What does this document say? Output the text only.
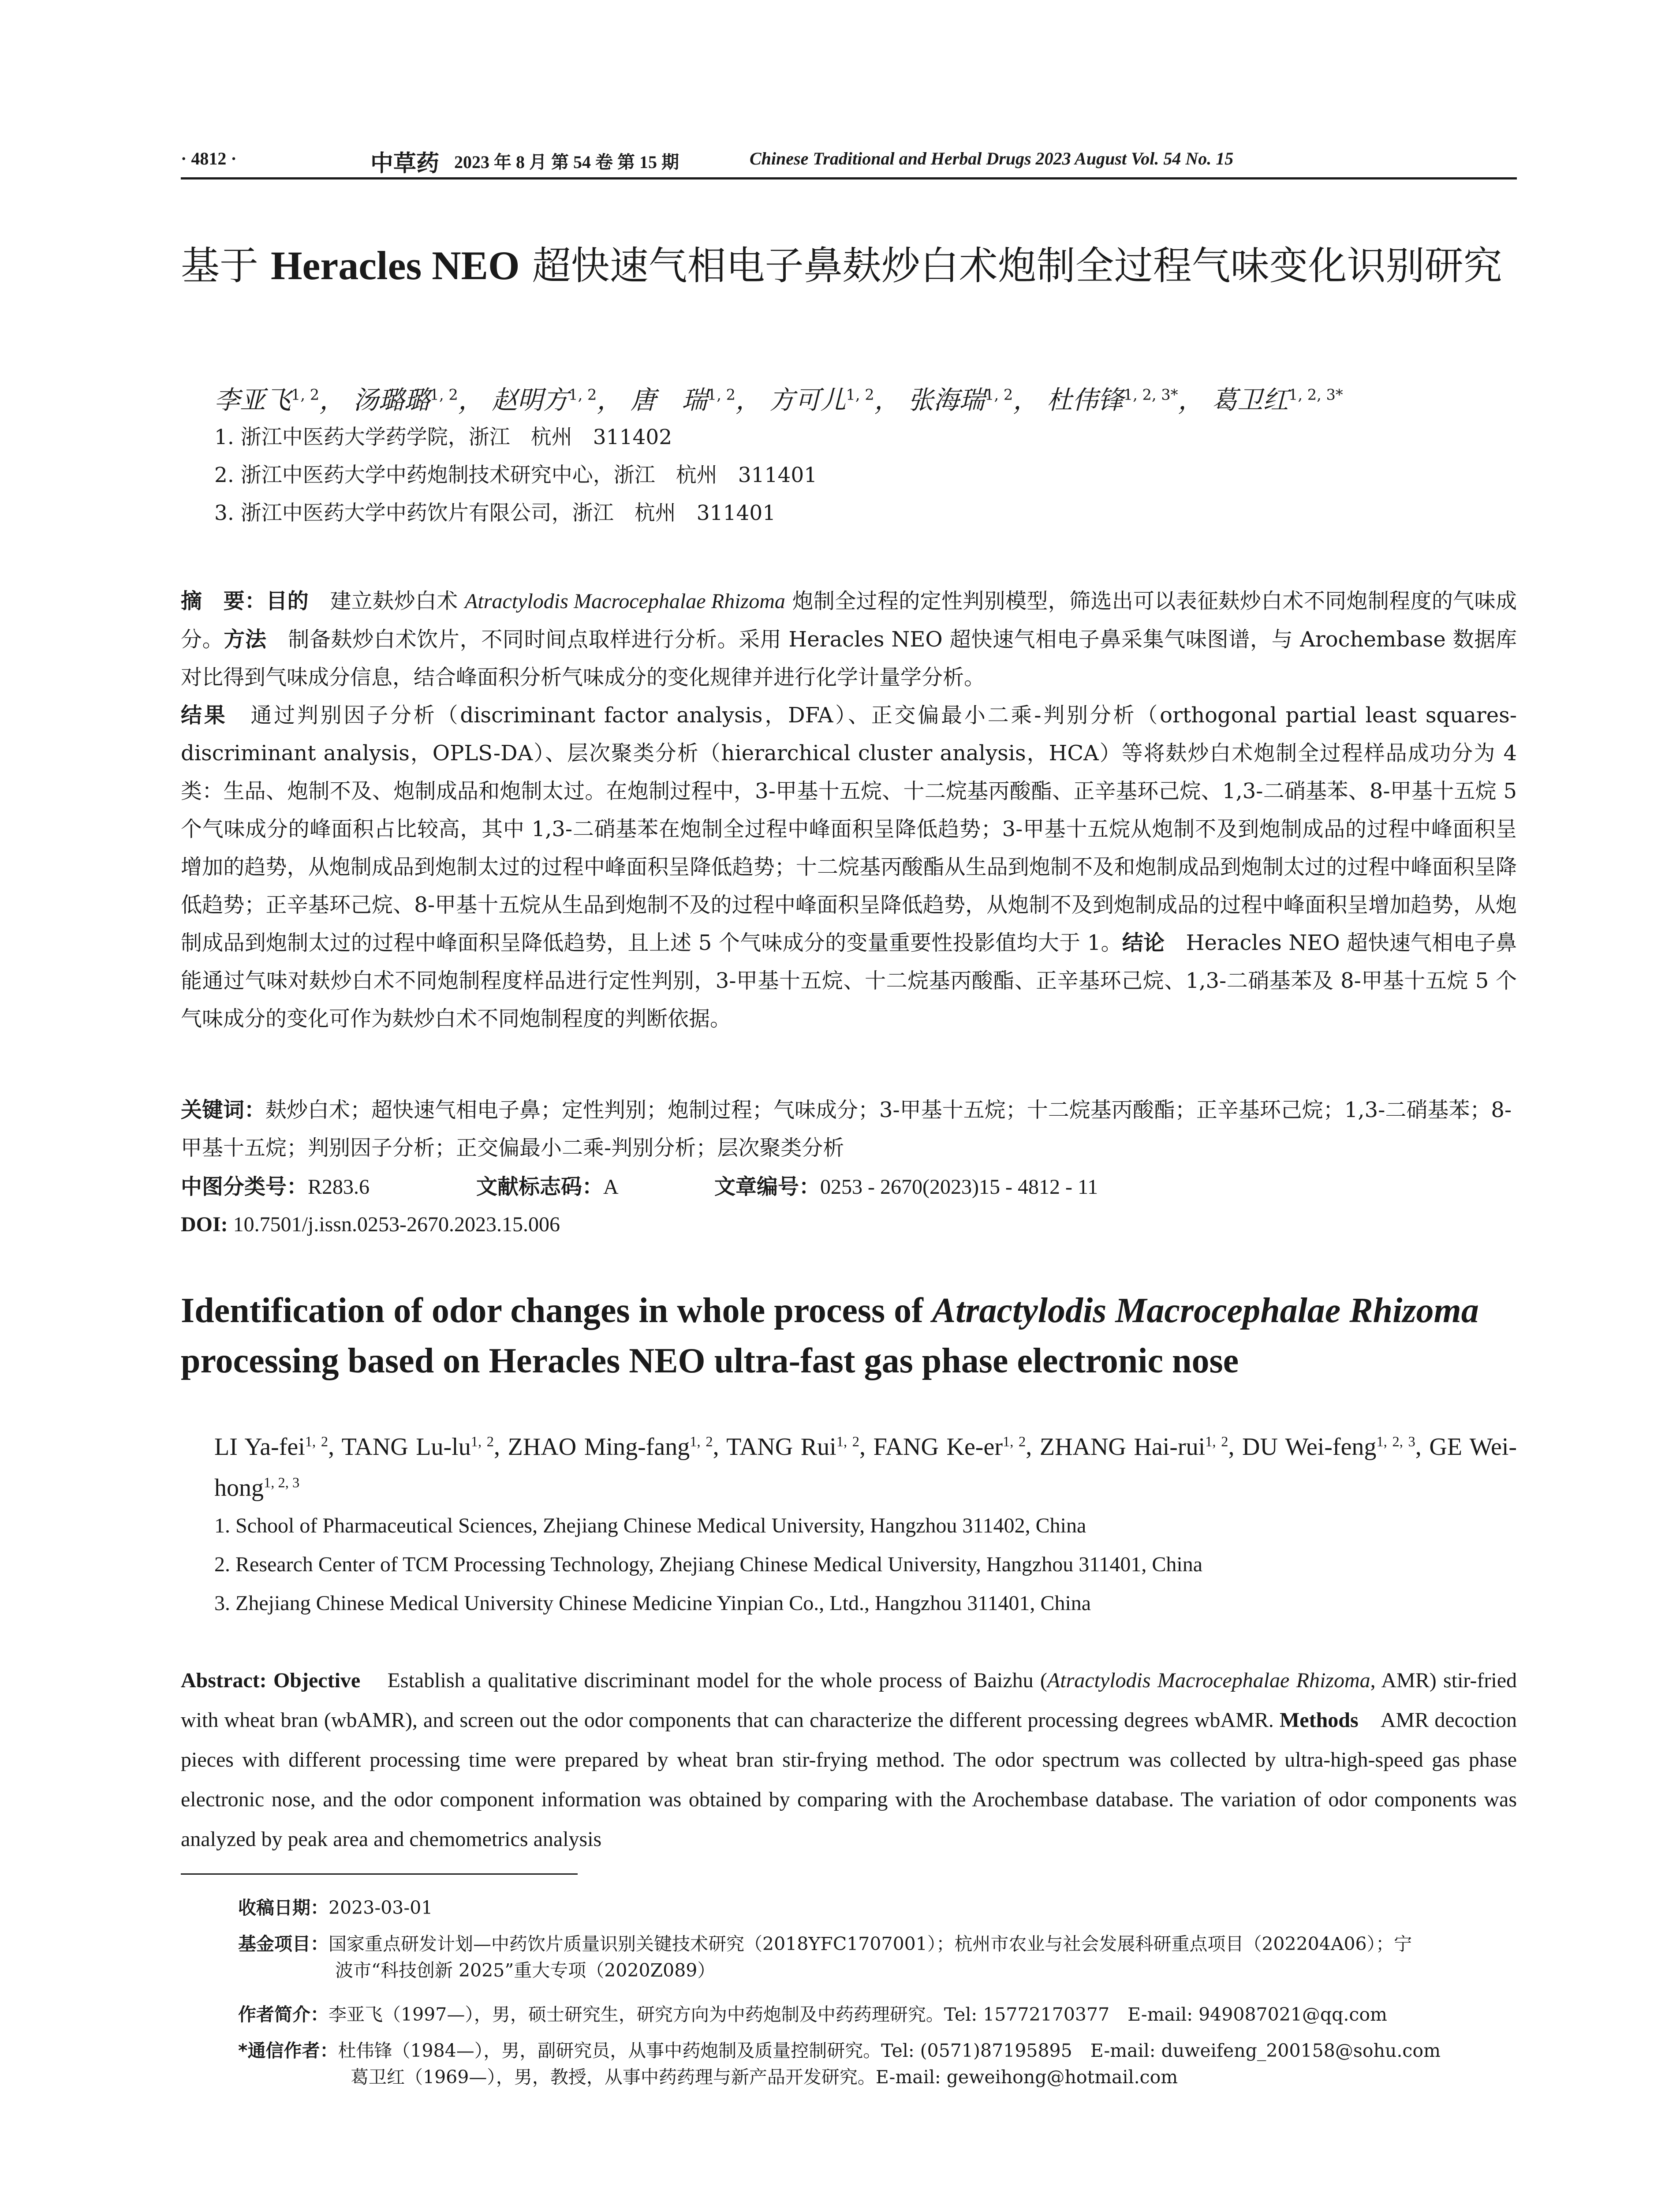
· 4812 ·	中草药 2023 年 8 月 第 54 卷 第 15 期	Chinese Traditional and Herbal Drugs 2023 August Vol. 54 No. 15
基于 Heracles NEO 超快速气相电子鼻麸炒白术炮制全过程气味变化识别研究
李亚飞$^{1, 2}$， 汤璐璐$^{1, 2}$， 赵明方$^{1, 2}$， 唐　瑞$^{1, 2}$， 方可儿$^{1, 2}$， 张海瑞$^{1, 2}$， 杜伟锋$^{1, 2, 3*}$， 葛卫红$^{1, 2, 3*}$
1. 浙江中医药大学药学院，浙江　杭州　311402
2. 浙江中医药大学中药炮制技术研究中心，浙江　杭州　311401
3. 浙江中医药大学中药饮片有限公司，浙江　杭州　311401
摘　要：目的　 建立麸炒白术 Atractylodis Macrocephalae Rhizoma 炮制全过程的定性判别模型，筛选出可以表征麸炒白术不同炮制程度的气味成分。方法　 制备麸炒白术饮片，不同时间点取样进行分析。采用 Heracles NEO 超快速气相电子鼻采集气味图谱，与 Arochembase 数据库对比得到气味成分信息，结合峰面积分析气味成分的变化规律并进行化学计量学分析。
结果　 通过判别因子分析（discriminant factor analysis，DFA）、正交偏最小二乘-判别分析（orthogonal partial least squares-discriminant analysis，OPLS-DA）、层次聚类分析（hierarchical cluster analysis，HCA）等将麸炒白术炮制全过程样品成功分为 4 类：生品、炮制不及、炮制成品和炮制太过。在炮制过程中，3-甲基十五烷、十二烷基丙酸酯、正辛基环己烷、1,3-二硝基苯、8-甲基十五烷 5 个气味成分的峰面积占比较高，其中 1,3-二硝基苯在炮制全过程中峰面积呈降低趋势；3-甲基十五烷从炮制不及到炮制成品的过程中峰面积呈增加的趋势，从炮制成品到炮制太过的过程中峰面积呈降低趋势；十二烷基丙酸酯从生品到炮制不及和炮制成品到炮制太过的过程中峰面积呈降低趋势；正辛基环己烷、8-甲基十五烷从生品到炮制不及的过程中峰面积呈降低趋势，从炮制不及到炮制成品的过程中峰面积呈增加趋势，从炮制成品到炮制太过的过程中峰面积呈降低趋势，且上述 5 个气味成分的变量重要性投影值均大于 1。结论　 Heracles NEO 超快速气相电子鼻能通过气味对麸炒白术不同炮制程度样品进行定性判别，3-甲基十五烷、十二烷基丙酸酯、正辛基环己烷、1,3-二硝基苯及 8-甲基十五烷 5 个气味成分的变化可作为麸炒白术不同炮制程度的判断依据。
关键词：麸炒白术；超快速气相电子鼻；定性判别；炮制过程；气味成分；3-甲基十五烷；十二烷基丙酸酯；正辛基环己烷；1,3-二硝基苯；8-甲基十五烷；判别因子分析；正交偏最小二乘-判别分析；层次聚类分析
中图分类号：R283.6	文献标志码：A	文章编号：0253 - 2670(2023)15 - 4812 - 11
DOI: 10.7501/j.issn.0253-2670.2023.15.006
Identification of odor changes in whole process of Atractylodis Macrocephalae Rhizoma processing based on Heracles NEO ultra-fast gas phase electronic nose
LI Ya-fei$^{1, 2}$, TANG Lu-lu$^{1, 2}$, ZHAO Ming-fang$^{1, 2}$, TANG Rui$^{1, 2}$, FANG Ke-er$^{1, 2}$, ZHANG Hai-rui$^{1, 2}$, DU Wei-feng$^{1, 2, 3}$, GE Wei-hong$^{1, 2, 3}$
1. School of Pharmaceutical Sciences, Zhejiang Chinese Medical University, Hangzhou 311402, China
2. Research Center of TCM Processing Technology, Zhejiang Chinese Medical University, Hangzhou 311401, China
3. Zhejiang Chinese Medical University Chinese Medicine Yinpian Co., Ltd., Hangzhou 311401, China
Abstract: Objective Establish a qualitative discriminant model for the whole process of Baizhu (Atractylodis Macrocephalae Rhizoma, AMR) stir-fried with wheat bran (wbAMR), and screen out the odor components that can characterize the different processing degrees wbAMR. Methods AMR decoction pieces with different processing time were prepared by wheat bran stir-frying method. The odor spectrum was collected by ultra-high-speed gas phase electronic nose, and the odor component information was obtained by comparing with the Arochembase database. The variation of odor components was analyzed by peak area and chemometrics analysis
收稿日期：2023-03-01
基金项目：国家重点研发计划—中药饮片质量识别关键技术研究（2018YFC1707001）；杭州市农业与社会发展科研重点项目（202204A06）；宁
波市“科技创新 2025”重大专项（2020Z089）
作者简介：李亚飞（1997—），男，硕士研究生，研究方向为中药炮制及中药药理研究。Tel: 15772170377　E-mail: 949087021@qq.com
*通信作者：杜伟锋（1984—），男，副研究员，从事中药炮制及质量控制研究。Tel: (0571)87195895　E-mail: duweifeng_200158@sohu.com
葛卫红（1969—），男，教授，从事中药药理与新产品开发研究。E-mail: geweihong@hotmail.com
